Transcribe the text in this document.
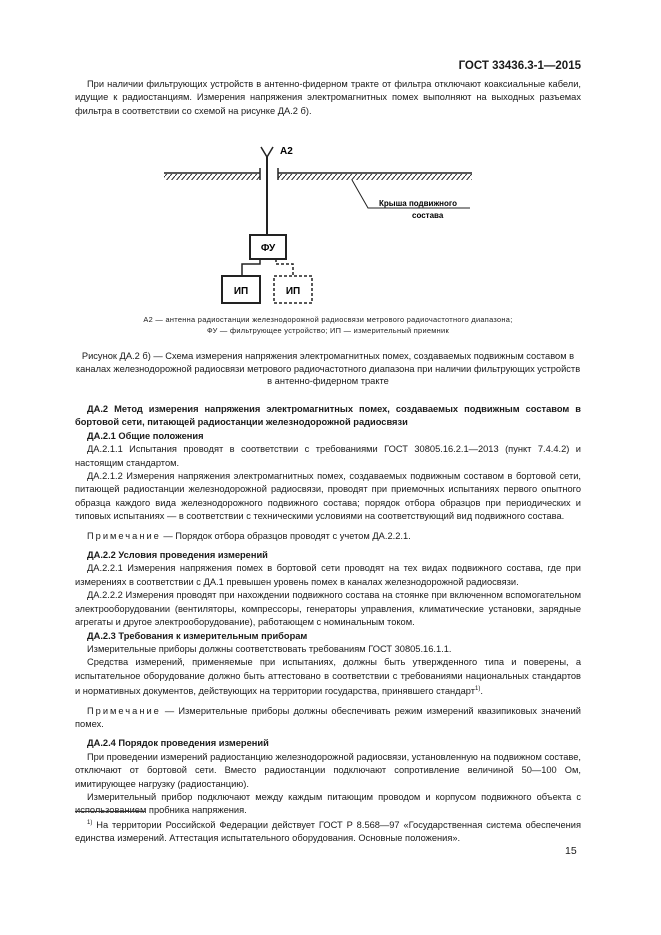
ГОСТ 33436.3-1—2015

При наличии фильтрующих устройств в антенно-фидерном тракте от фильтра отключают коаксиальные кабели, идущие к радиостанциям. Измерения напряжения электромагнитных помех выполняют на выходных разъемах фильтра в соответствии со схемой на рисунке ДА.2 б).

А2
Крыша подвижного
состава
ФУ
ИП	ИП
А2 — антенна радиостанции железнодорожной радиосвязи метрового радиочастотного диапазона;
ФУ — фильтрующее устройство; ИП — измерительный приемник
Рисунок ДА.2 б) — Схема измерения напряжения электромагнитных помех, создаваемых подвижным составом в каналах железнодорожной радиосвязи метрового радиочастотного диапазона при наличии фильтрующих устройств в антенно-фидерном тракте

ДА.2 Метод измерения напряжения электромагнитных помех, создаваемых подвижным составом в бортовой сети, питающей радиостанции железнодорожной радиосвязи

ДА.2.1 Общие положения

ДА.2.1.1 Испытания проводят в соответствии с требованиями ГОСТ 30805.16.2.1—2013 (пункт 7.4.4.2) и настоящим стандартом.

ДА.2.1.2 Измерения напряжения электромагнитных помех, создаваемых подвижным составом в бортовой сети, питающей радиостанции железнодорожной радиосвязи, проводят при приемочных испытаниях первого опытного образца каждого вида железнодорожного подвижного состава; порядок отбора образцов при периодических и типовых испытаниях — в соответствии с техническими условиями на соответствующий вид подвижного состава.

Примечание — Порядок отбора образцов проводят с учетом ДА.2.2.1.

ДА.2.2 Условия проведения измерений

ДА.2.2.1 Измерения напряжения помех в бортовой сети проводят на тех видах подвижного состава, где при измерениях в соответствии с ДА.1 превышен уровень помех в каналах железнодорожной радиосвязи.

ДА.2.2.2 Измерения проводят при нахождении подвижного состава на стоянке при включенном вспомогательном электрооборудовании (вентиляторы, компрессоры, генераторы управления, климатические установки, зарядные агрегаты и другое электрооборудование), работающем с номинальным током.

ДА.2.3 Требования к измерительным приборам

Измерительные приборы должны соответствовать требованиям ГОСТ 30805.16.1.1.

Средства измерений, применяемые при испытаниях, должны быть утвержденного типа и поверены, а испытательное оборудование должно быть аттестовано в соответствии с требованиями национальных стандартов и нормативных документов, действующих на территории государства, принявшего стандарт$^{1)}$.

Примечание — Измерительные приборы должны обеспечивать режим измерений квазипиковых значений помех.

ДА.2.4 Порядок проведения измерений

При проведении измерений радиостанцию железнодорожной радиосвязи, установленную на подвижном составе, отключают от бортовой сети. Вместо радиостанции подключают сопротивление величиной 50—100 Ом, имитирующее нагрузку (радиостанцию).

Измерительный прибор подключают между каждым питающим проводом и корпусом подвижного объекта с использованием пробника напряжения.

$^{1)}$ На территории Российской Федерации действует ГОСТ Р 8.568—97 «Государственная система обеспечения единства измерений. Аттестация испытательного оборудования. Основные положения».
15
